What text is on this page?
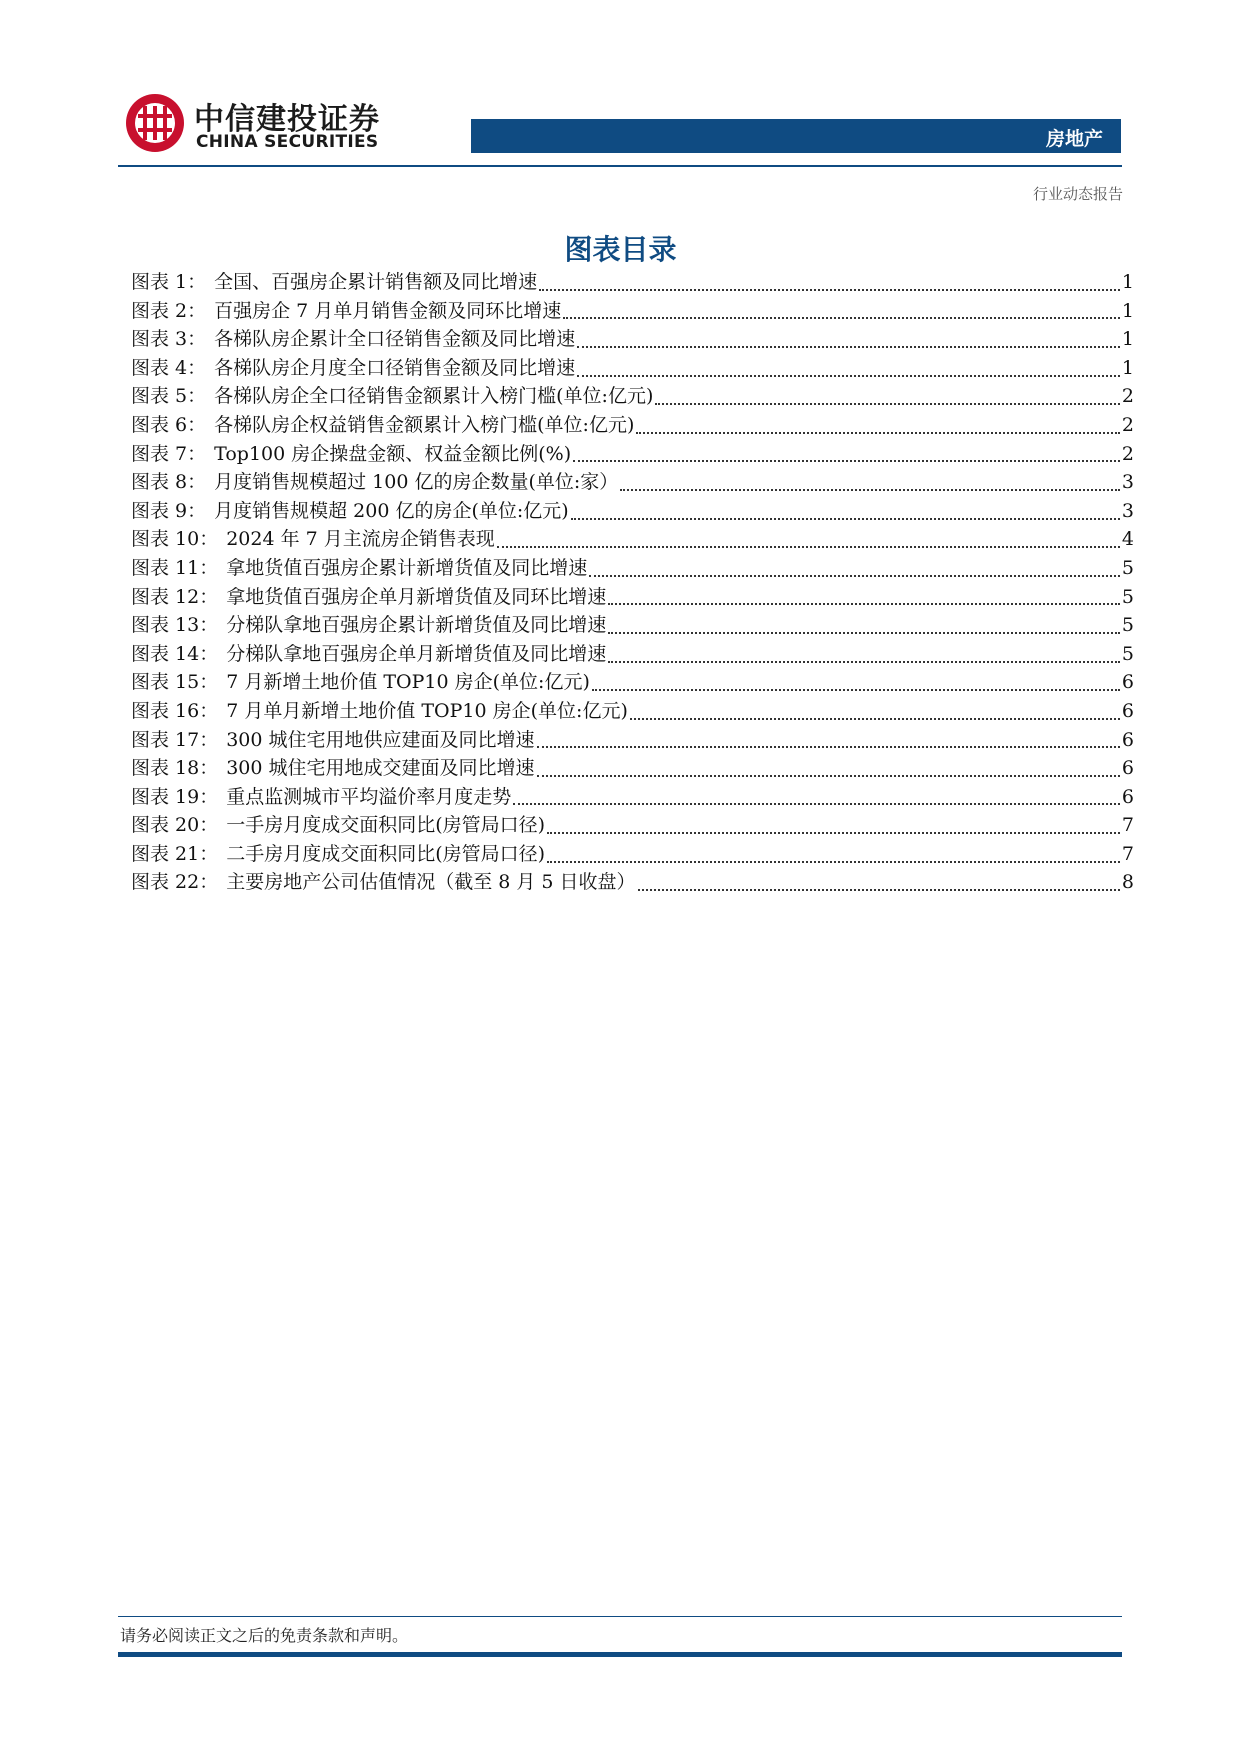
中信建投证券
CHINA SECURITIES	房地产
行业动态报告
图表目录
图表 1： 全国、百强房企累计销售额及同比增速	1
图表 2： 百强房企 7 月单月销售金额及同环比增速	1
图表 3： 各梯队房企累计全口径销售金额及同比增速	1
图表 4： 各梯队房企月度全口径销售金额及同比增速	1
图表 5： 各梯队房企全口径销售金额累计入榜门槛(单位:亿元)	2
图表 6： 各梯队房企权益销售金额累计入榜门槛(单位:亿元)	2
图表 7： Top100 房企操盘金额、权益金额比例(%)	2
图表 8： 月度销售规模超过 100 亿的房企数量(单位:家）	3
图表 9： 月度销售规模超 200 亿的房企(单位:亿元)	3
图表 10： 2024 年 7 月主流房企销售表现	4
图表 11： 拿地货值百强房企累计新增货值及同比增速	5
图表 12： 拿地货值百强房企单月新增货值及同环比增速	5
图表 13： 分梯队拿地百强房企累计新增货值及同比增速	5
图表 14： 分梯队拿地百强房企单月新增货值及同比增速	5
图表 15： 7 月新增土地价值 TOP10 房企(单位:亿元)	6
图表 16： 7 月单月新增土地价值 TOP10 房企(单位:亿元)	6
图表 17： 300 城住宅用地供应建面及同比增速	6
图表 18： 300 城住宅用地成交建面及同比增速	6
图表 19： 重点监测城市平均溢价率月度走势	6
图表 20： 一手房月度成交面积同比(房管局口径)	7
图表 21： 二手房月度成交面积同比(房管局口径)	7
图表 22： 主要房地产公司估值情况（截至 8 月 5 日收盘）	8
请务必阅读正文之后的免责条款和声明。
